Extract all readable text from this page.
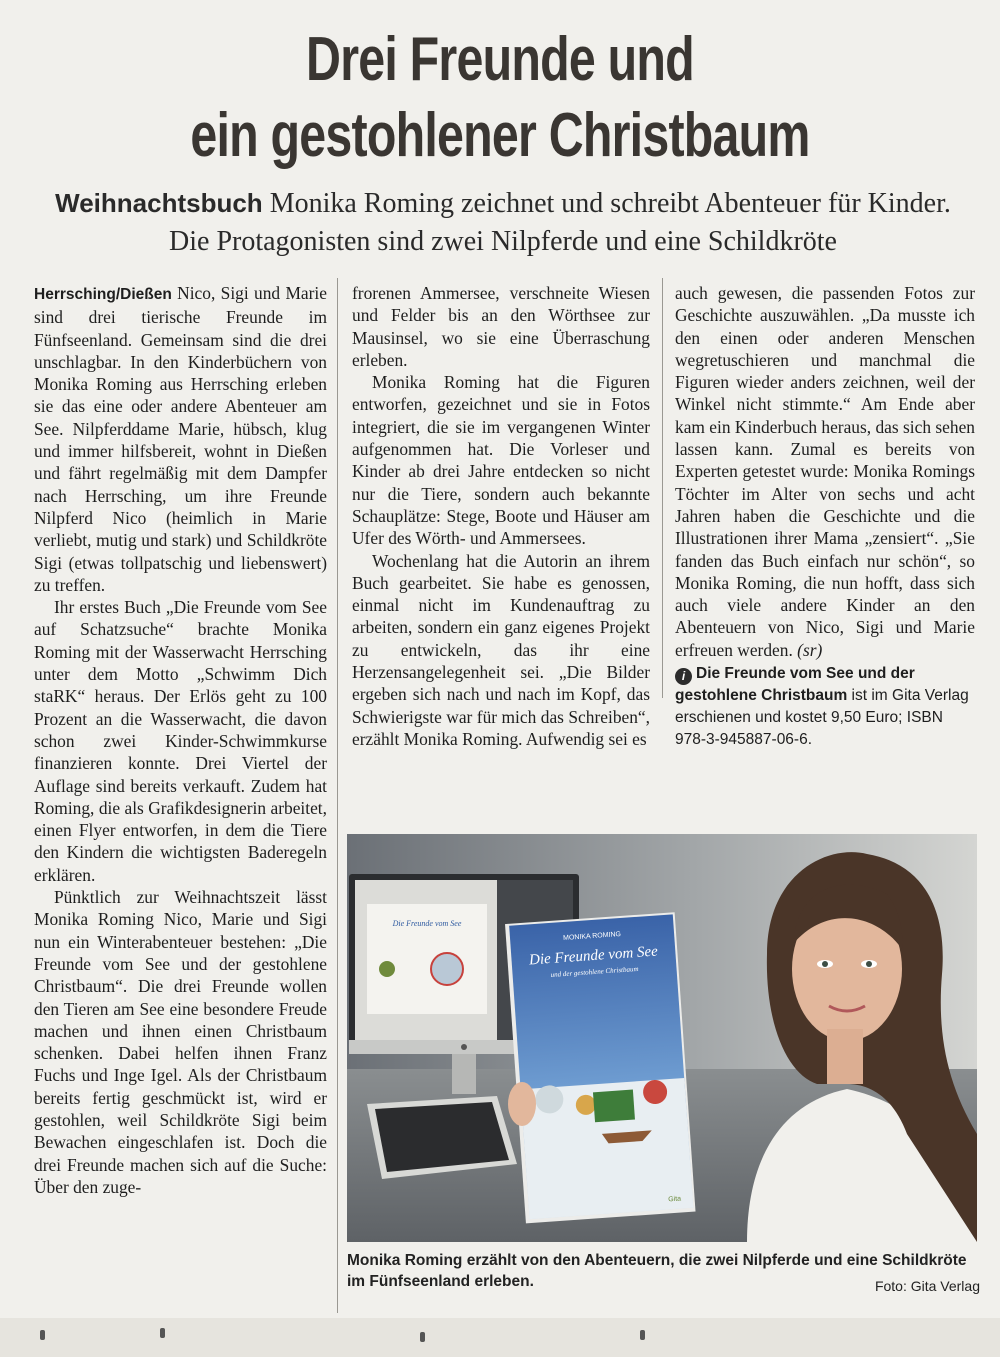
Drei Freunde und
ein gestohlener Christbaum
Weihnachtsbuch Monika Roming zeichnet und schreibt Abenteuer für Kinder. Die Protagonisten sind zwei Nilpferde und eine Schildkröte

Herrsching/Dießen Nico, Sigi und Marie sind drei tierische Freunde im Fünfseenland. Gemeinsam sind die drei unschlagbar. In den Kinderbüchern von Monika Roming aus Herrsching erleben sie das eine oder andere Abenteuer am See. Nilpferddame Marie, hübsch, klug und immer hilfsbereit, wohnt in Dießen und fährt regelmäßig mit dem Dampfer nach Herrsching, um ihre Freunde Nilpferd Nico (heimlich in Marie verliebt, mutig und stark) und Schildkröte Sigi (etwas tollpatschig und liebenswert) zu treffen.

Ihr erstes Buch „Die Freunde vom See auf Schatzsuche“ brachte Monika Roming mit der Wasserwacht Herrsching unter dem Motto „Schwimm Dich staRK“ heraus. Der Erlös geht zu 100 Prozent an die Wasserwacht, die davon schon zwei Kinder-Schwimmkurse finanzieren konnte. Drei Viertel der Auflage sind bereits verkauft. Zudem hat Roming, die als Grafikdesignerin arbeitet, einen Flyer entworfen, in dem die Tiere den Kindern die wichtigsten Baderegeln erklären.

Pünktlich zur Weihnachtszeit lässt Monika Roming Nico, Marie und Sigi nun ein Winterabenteuer bestehen: „Die Freunde vom See und der gestohlene Christbaum“. Die drei Freunde wollen den Tieren am See eine besondere Freude machen und ihnen einen Christbaum schenken. Dabei helfen ihnen Franz Fuchs und Inge Igel. Als der Christbaum bereits fertig geschmückt ist, wird er gestohlen, weil Schildkröte Sigi beim Bewachen eingeschlafen ist. Doch die drei Freunde machen sich auf die Suche: Über den zuge-

frorenen Ammersee, verschneite Wiesen und Felder bis an den Wörthsee zur Mausinsel, wo sie eine Überraschung erleben.

Monika Roming hat die Figuren entworfen, gezeichnet und sie in Fotos integriert, die sie im vergangenen Winter aufgenommen hat. Die Vorleser und Kinder ab drei Jahre entdecken so nicht nur die Tiere, sondern auch bekannte Schauplätze: Stege, Boote und Häuser am Ufer des Wörth- und Ammersees.

Wochenlang hat die Autorin an ihrem Buch gearbeitet. Sie habe es genossen, einmal nicht im Kundenauftrag zu arbeiten, sondern ein ganz eigenes Projekt zu entwickeln, das ihr eine Herzensangelegenheit sei. „Die Bilder ergeben sich nach und nach im Kopf, das Schwierigste war für mich das Schreiben“, erzählt Monika Roming. Aufwendig sei es

auch gewesen, die passenden Fotos zur Geschichte auszuwählen. „Da musste ich den einen oder anderen Menschen wegretuschieren und manchmal die Figuren wieder anders zeichnen, weil der Winkel nicht stimmte.“ Am Ende aber kam ein Kinderbuch heraus, das sich sehen lassen kann. Zumal es bereits von Experten getestet wurde: Monika Romings Töchter im Alter von sechs und acht Jahren haben die Geschichte und die Illustrationen ihrer Mama „zensiert“. „Sie fanden das Buch einfach nur schön“, so Monika Roming, die nun hofft, dass sich auch viele andere Kinder an den Abenteuern von Nico, Sigi und Marie erfreuen werden. (sr)

i Die Freunde vom See und der gestohlene Christbaum ist im Gita Verlag erschienen und kostet 9,50 Euro; ISBN 978-3-945887-06-6.
Die Freunde vom See
MONIKA ROMING
Die Freunde vom See
und der gestohlene Christbaum
Gita
Monika Roming erzählt von den Abenteuern, die zwei Nilpferde und eine Schildkröte im Fünfseenland erleben.	Foto: Gita Verlag
